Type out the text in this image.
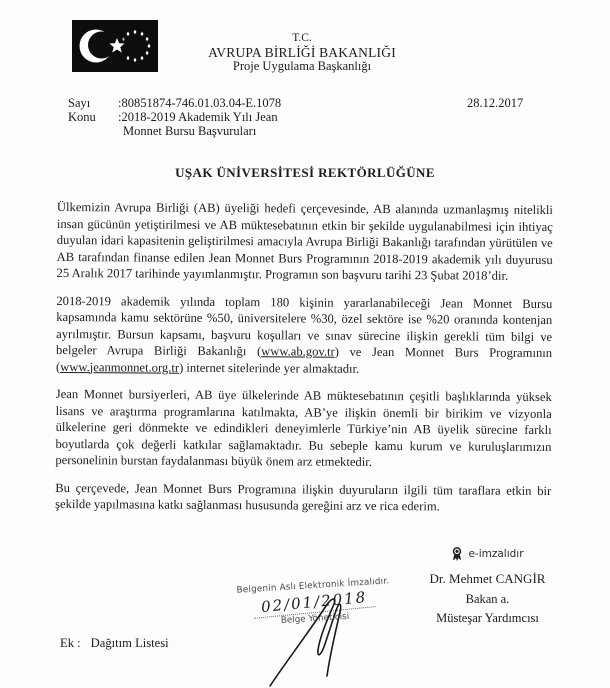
T.C.
AVRUPA BİRLİĞİ BAKANLIĞI
Proje Uygulama Başkanlığı
Sayı :80851874-746.01.03.04-E.1078	28.12.2017
Konu :2018-2019 Akademik Yılı Jean
Monnet Bursu Başvuruları
UŞAK ÜNİVERSİTESİ REKTÖRLÜĞÜNE

Ülkemizin Avrupa Birliği (AB) üyeliği hedefi çerçevesinde, AB alanında uzmanlaşmış nitelikli insan gücünün yetiştirilmesi ve AB müktesebatının etkin bir şekilde uygulanabilmesi için ihtiyaç duyulan idari kapasitenin geliştirilmesi amacıyla Avrupa Birliği Bakanlığı tarafından yürütülen ve AB tarafından finanse edilen Jean Monnet Burs Programının 2018-2019 akademik yılı duyurusu 25 Aralık 2017 tarihinde yayımlanmıştır. Programın son başvuru tarihi 23 Şubat 2018’dir.

2018-2019 akademik yılında toplam 180 kişinin yararlanabileceği Jean Monnet Bursu kapsamında kamu sektörüne %50, üniversitelere %30, özel sektöre ise %20 oranında kontenjan ayrılmıştır. Bursun kapsamı, başvuru koşulları ve sınav sürecine ilişkin gerekli tüm bilgi ve belgeler Avrupa Birliği Bakanlığı (www.ab.gov.tr) ve Jean Monnet Burs Programının (www.jeanmonnet.org.tr) internet sitelerinde yer almaktadır.

Jean Monnet bursiyerleri, AB üye ülkelerinde AB müktesebatının çeşitli başlıklarında yüksek lisans ve araştırma programlarına katılmakta, AB’ye ilişkin önemli bir birikim ve vizyonla ülkelerine geri dönmekte ve edindikleri deneyimlerle Türkiye’nin AB üyelik sürecine farklı boyutlarda çok değerli katkılar sağlamaktadır. Bu sebeple kamu kurum ve kuruluşlarımızın personelinin burstan faydalanması büyük önem arz etmektedir.

Bu çerçevede, Jean Monnet Burs Programına ilişkin duyuruların ilgili tüm taraflara etkin bir şekilde yapılmasına katkı sağlanması hususunda gereğini arz ve rica ederim.

e-imzalıdır
Dr. Mehmet CANGİR
Bakan a.
Müsteşar Yardımcısı
Belgenin Aslı Elektronik İmzalıdır.
02/01/2018
Belge Yöneticisi
Ek : Dağıtım Listesi
